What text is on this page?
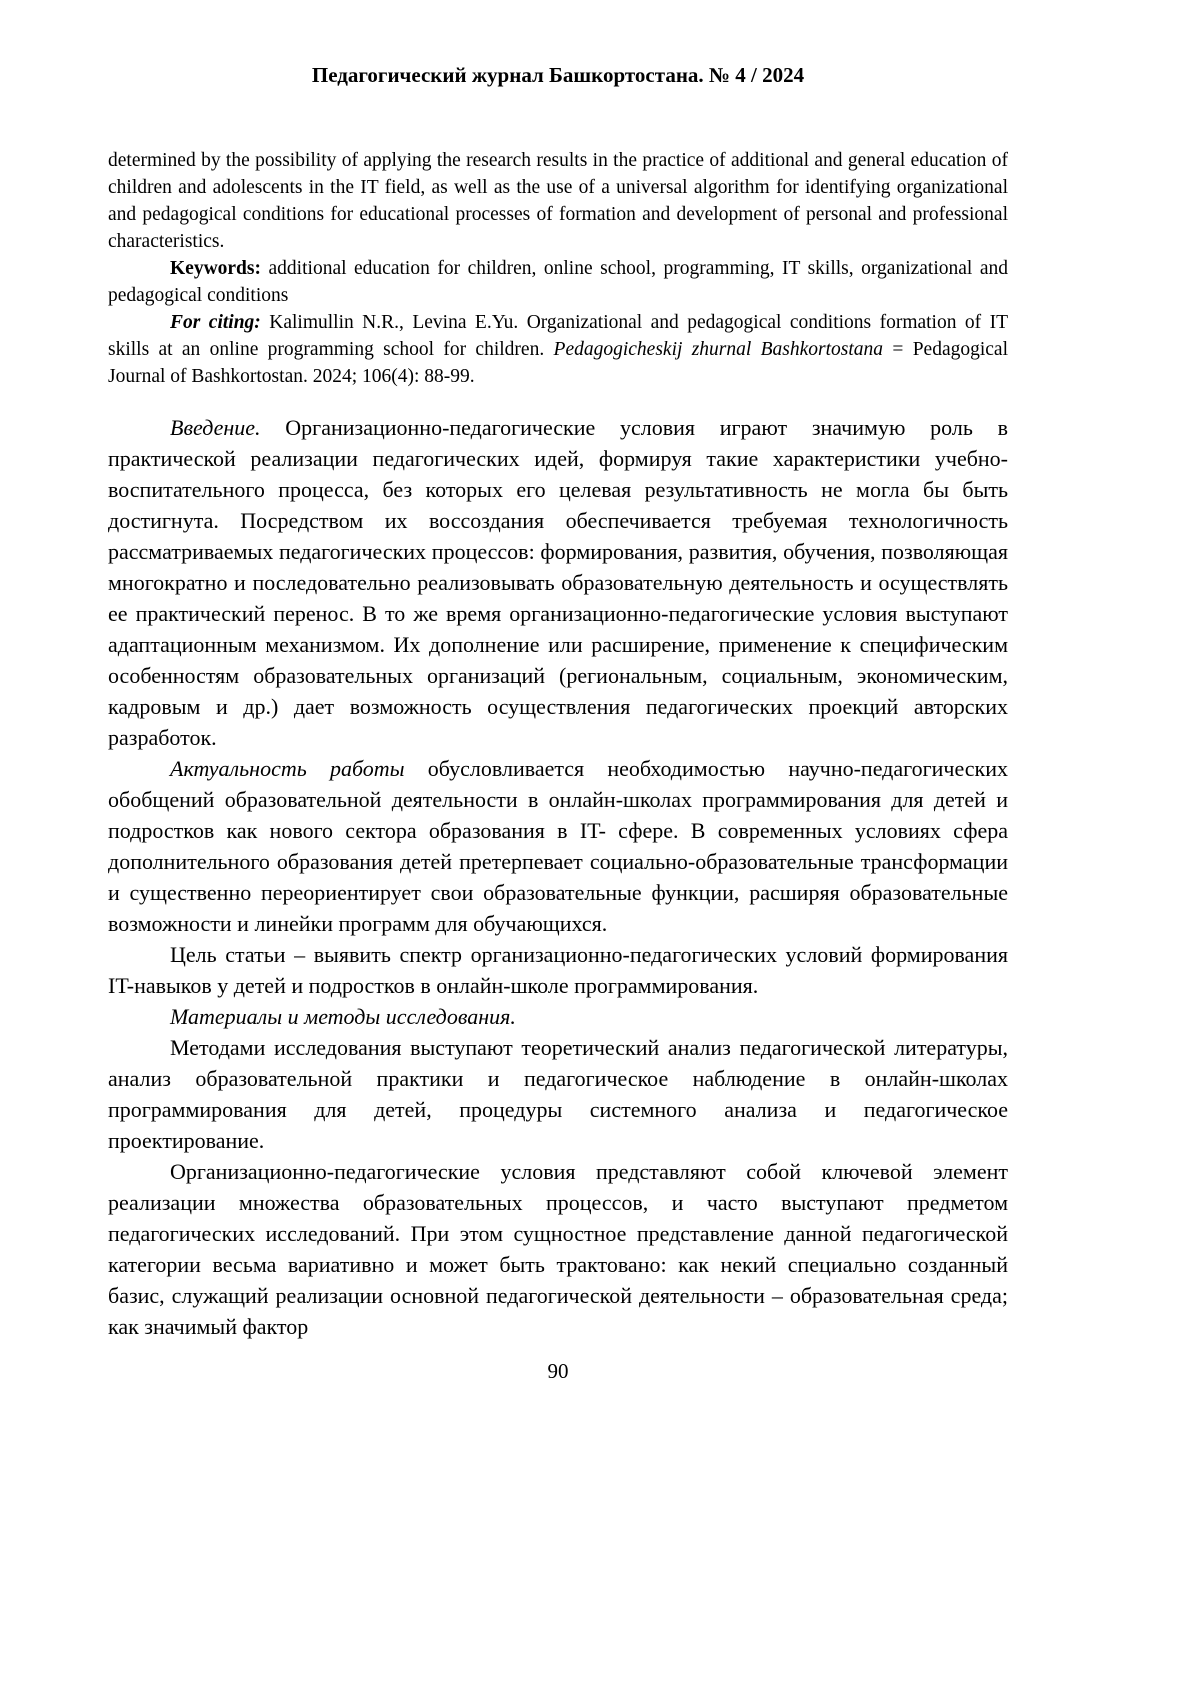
Педагогический журнал Башкортостана. № 4 / 2024

determined by the possibility of applying the research results in the practice of additional and general education of children and adolescents in the IT field, as well as the use of a universal algorithm for identifying organizational and pedagogical conditions for educational processes of formation and development of personal and professional characteristics.

Keywords: additional education for children, online school, programming, IT skills, organizational and pedagogical conditions

For citing: Kalimullin N.R., Levina E.Yu. Organizational and pedagogical conditions formation of IT skills at an online programming school for children. Pedagogicheskij zhurnal Bashkortostana = Pedagogical Journal of Bashkortostan. 2024; 106(4): 88-99.

Введение. Организационно-педагогические условия играют значимую роль в практической реализации педагогических идей, формируя такие характеристики учебно-воспитательного процесса, без которых его целевая результативность не могла бы быть достигнута. Посредством их воссоздания обеспечивается требуемая технологичность рассматриваемых педагогических процессов: формирования, развития, обучения, позволяющая многократно и последовательно реализовывать образовательную деятельность и осуществлять ее практический перенос. В то же время организационно-педагогические условия выступают адаптационным механизмом. Их дополнение или расширение, применение к специфическим особенностям образовательных организаций (региональным, социальным, экономическим, кадровым и др.) дает возможность осуществления педагогических проекций авторских разработок.

Актуальность работы обусловливается необходимостью научно-педагогических обобщений образовательной деятельности в онлайн-школах программирования для детей и подростков как нового сектора образования в IT- сфере. В современных условиях сфера дополнительного образования детей претерпевает социально-образовательные трансформации и существенно переориентирует свои образовательные функции, расширяя образовательные возможности и линейки программ для обучающихся.

Цель статьи – выявить спектр организационно-педагогических условий формирования IT-навыков у детей и подростков в онлайн-школе программирования.

Материалы и методы исследования.

Методами исследования выступают теоретический анализ педагогической литературы, анализ образовательной практики и педагогическое наблюдение в онлайн-школах программирования для детей, процедуры системного анализа и педагогическое проектирование.

Организационно-педагогические условия представляют собой ключевой элемент реализации множества образовательных процессов, и часто выступают предметом педагогических исследований. При этом сущностное представление данной педагогической категории весьма вариативно и может быть трактовано: как некий специально созданный базис, служащий реализации основной педагогической деятельности – образовательная среда; как значимый фактор

90
